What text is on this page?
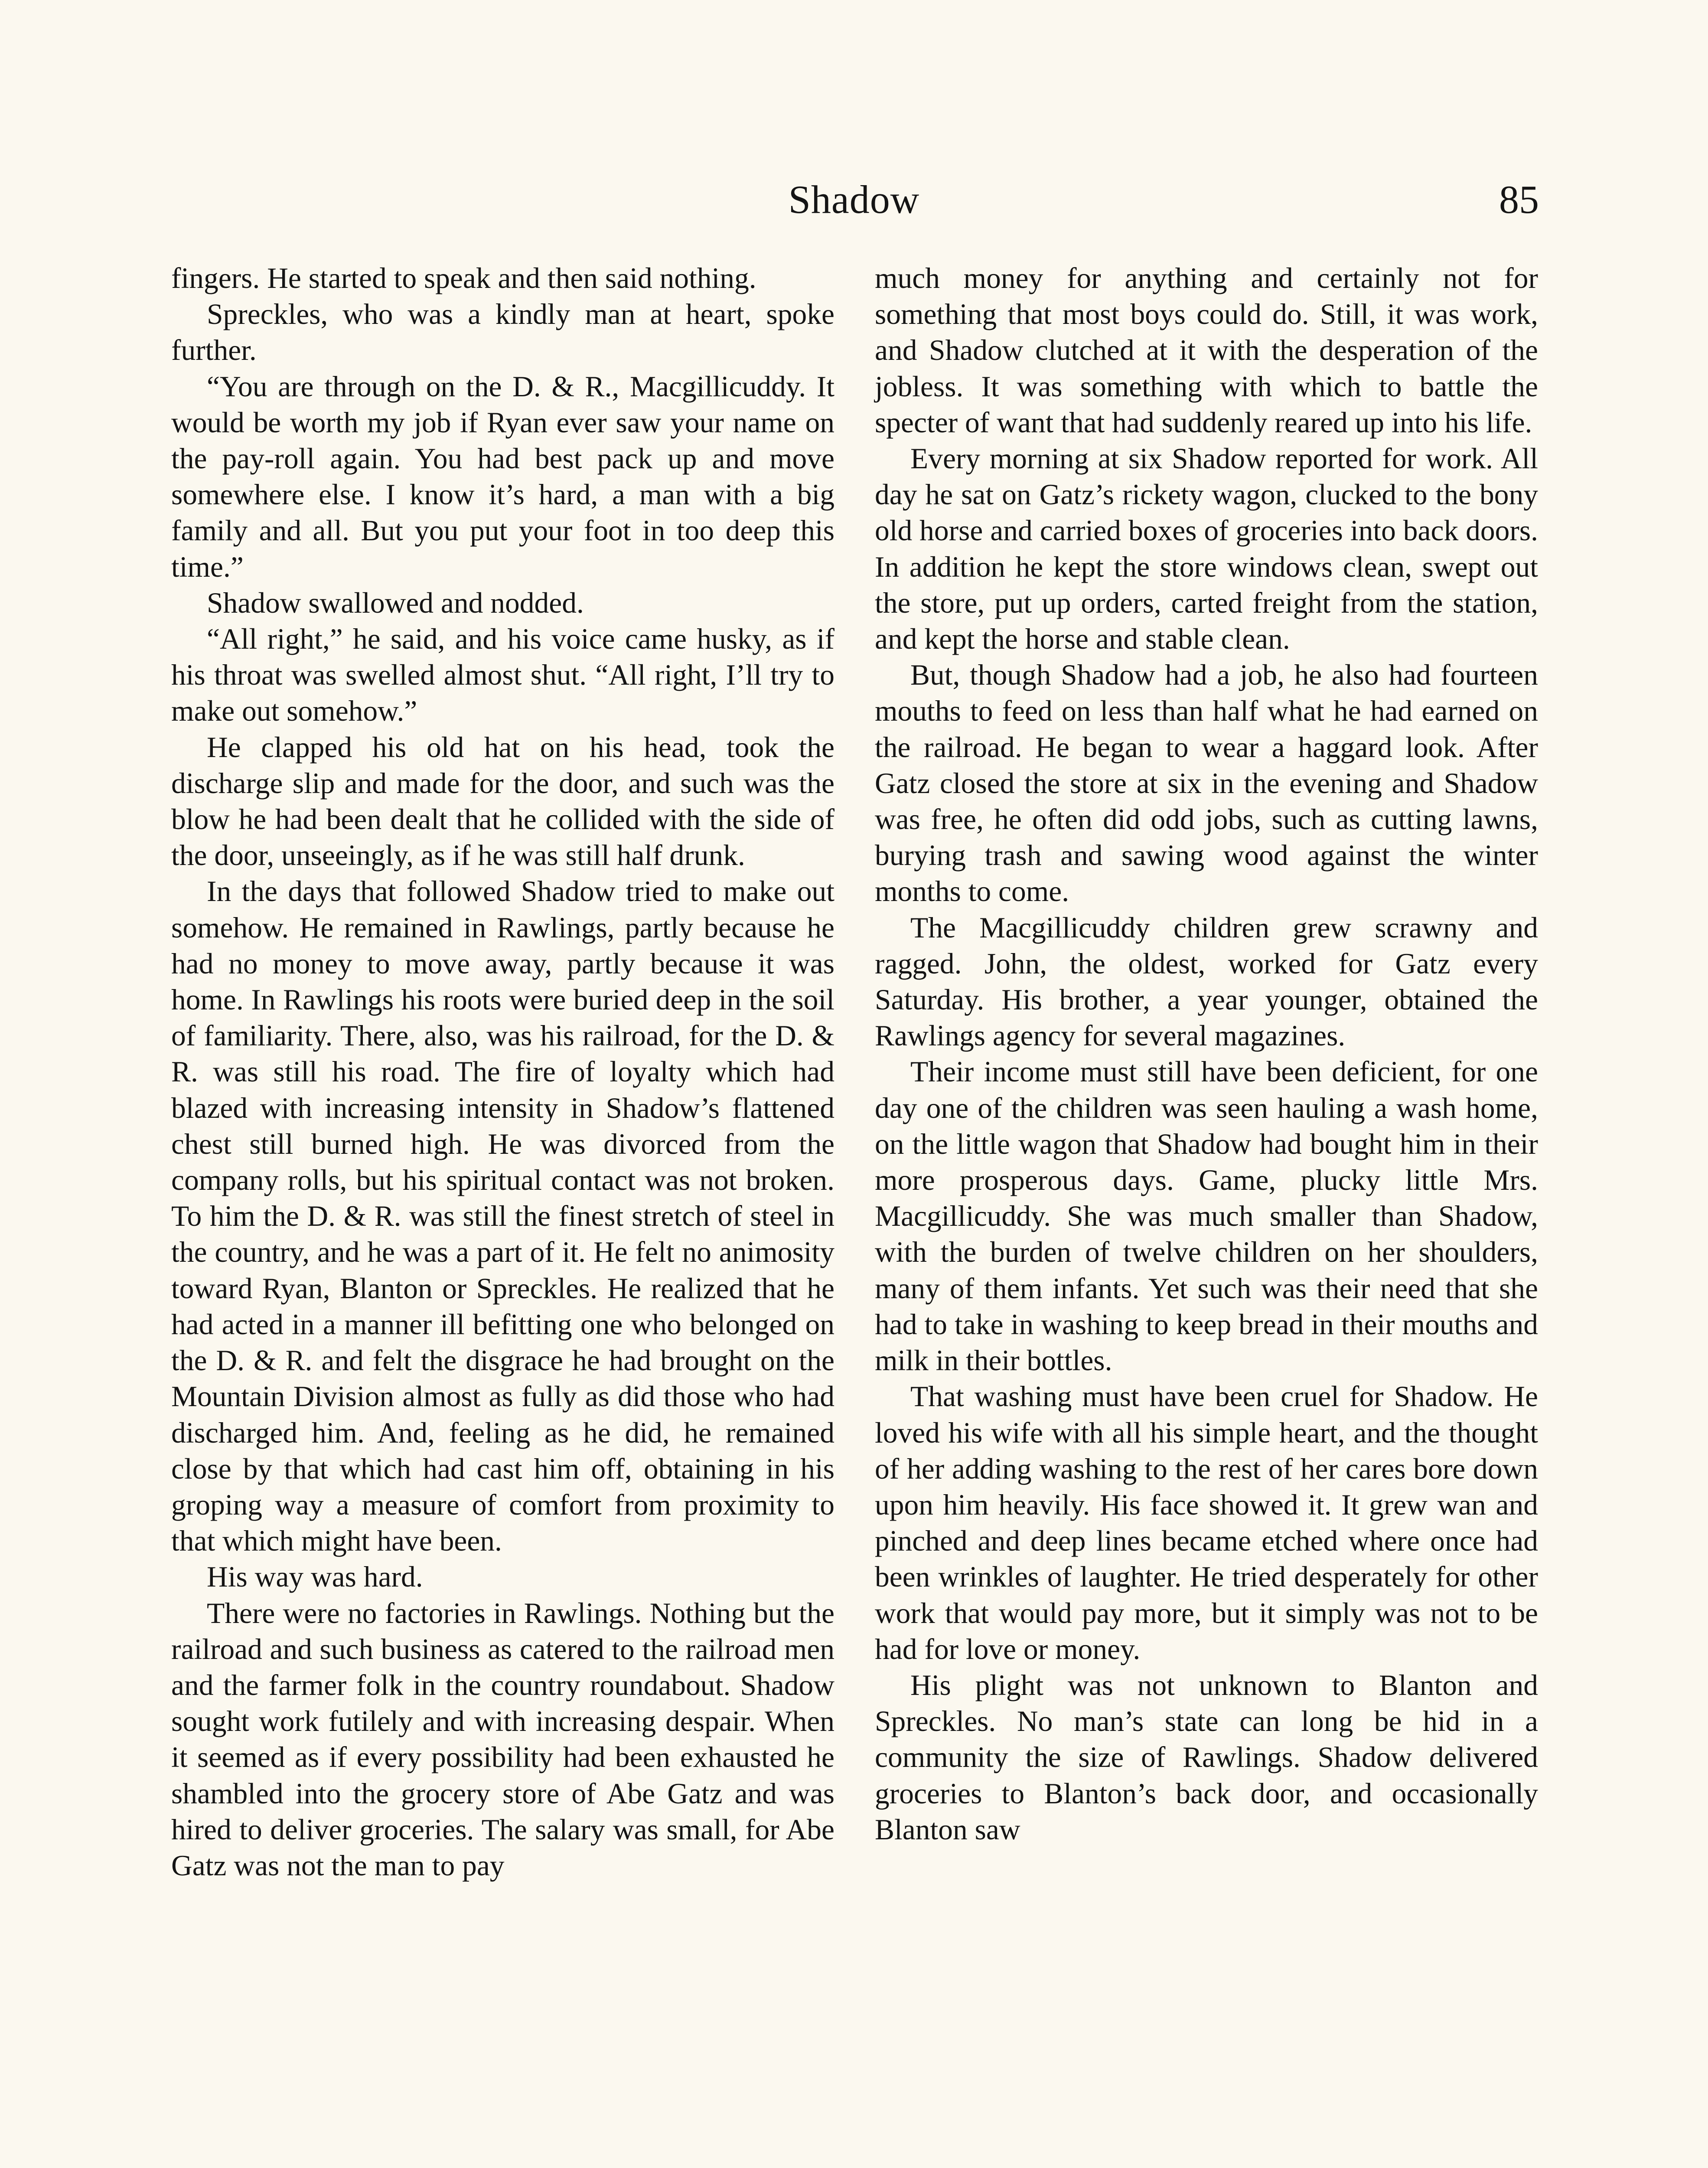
Shadow	85

fingers. He started to speak and then said nothing.

Spreckles, who was a kindly man at heart, spoke further.

“You are through on the D. & R., Macgillicuddy. It would be worth my job if Ryan ever saw your name on the pay-roll again. You had best pack up and move somewhere else. I know it’s hard, a man with a big family and all. But you put your foot in too deep this time.”

Shadow swallowed and nodded.

“All right,” he said, and his voice came husky, as if his throat was swelled almost shut. “All right, I’ll try to make out somehow.”

He clapped his old hat on his head, took the discharge slip and made for the door, and such was the blow he had been dealt that he collided with the side of the door, unseeingly, as if he was still half drunk.

In the days that followed Shadow tried to make out somehow. He remained in Rawlings, partly because he had no money to move away, partly because it was home. In Rawlings his roots were buried deep in the soil of familiarity. There, also, was his railroad, for the D. & R. was still his road. The fire of loyalty which had blazed with increasing intensity in Shadow’s flattened chest still burned high. He was divorced from the company rolls, but his spiritual contact was not broken. To him the D. & R. was still the finest stretch of steel in the country, and he was a part of it. He felt no animosity toward Ryan, Blanton or Spreckles. He realized that he had acted in a manner ill befitting one who belonged on the D. & R. and felt the disgrace he had brought on the Mountain Division almost as fully as did those who had discharged him. And, feeling as he did, he remained close by that which had cast him off, obtaining in his groping way a measure of comfort from proximity to that which might have been.

His way was hard.

There were no factories in Rawlings. Nothing but the railroad and such business as catered to the railroad men and the farmer folk in the country roundabout. Shadow sought work futilely and with increasing despair. When it seemed as if every possibility had been exhausted he shambled into the grocery store of Abe Gatz and was hired to deliver groceries. The salary was small, for Abe Gatz was not the man to pay

much money for anything and certainly not for something that most boys could do. Still, it was work, and Shadow clutched at it with the desperation of the jobless. It was something with which to battle the specter of want that had suddenly reared up into his life.

Every morning at six Shadow reported for work. All day he sat on Gatz’s rickety wagon, clucked to the bony old horse and carried boxes of groceries into back doors. In addition he kept the store windows clean, swept out the store, put up orders, carted freight from the station, and kept the horse and stable clean.

But, though Shadow had a job, he also had fourteen mouths to feed on less than half what he had earned on the railroad. He began to wear a haggard look. After Gatz closed the store at six in the evening and Shadow was free, he often did odd jobs, such as cutting lawns, burying trash and sawing wood against the winter months to come.

The Macgillicuddy children grew scrawny and ragged. John, the oldest, worked for Gatz every Saturday. His brother, a year younger, obtained the Rawlings agency for several magazines.

Their income must still have been deficient, for one day one of the children was seen hauling a wash home, on the little wagon that Shadow had bought him in their more prosperous days. Game, plucky little Mrs. Macgillicuddy. She was much smaller than Shadow, with the burden of twelve children on her shoulders, many of them infants. Yet such was their need that she had to take in washing to keep bread in their mouths and milk in their bottles.

That washing must have been cruel for Shadow. He loved his wife with all his simple heart, and the thought of her adding washing to the rest of her cares bore down upon him heavily. His face showed it. It grew wan and pinched and deep lines became etched where once had been wrinkles of laughter. He tried desperately for other work that would pay more, but it simply was not to be had for love or money.

His plight was not unknown to Blanton and Spreckles. No man’s state can long be hid in a community the size of Rawlings. Shadow delivered groceries to Blanton’s back door, and occasionally Blanton saw
